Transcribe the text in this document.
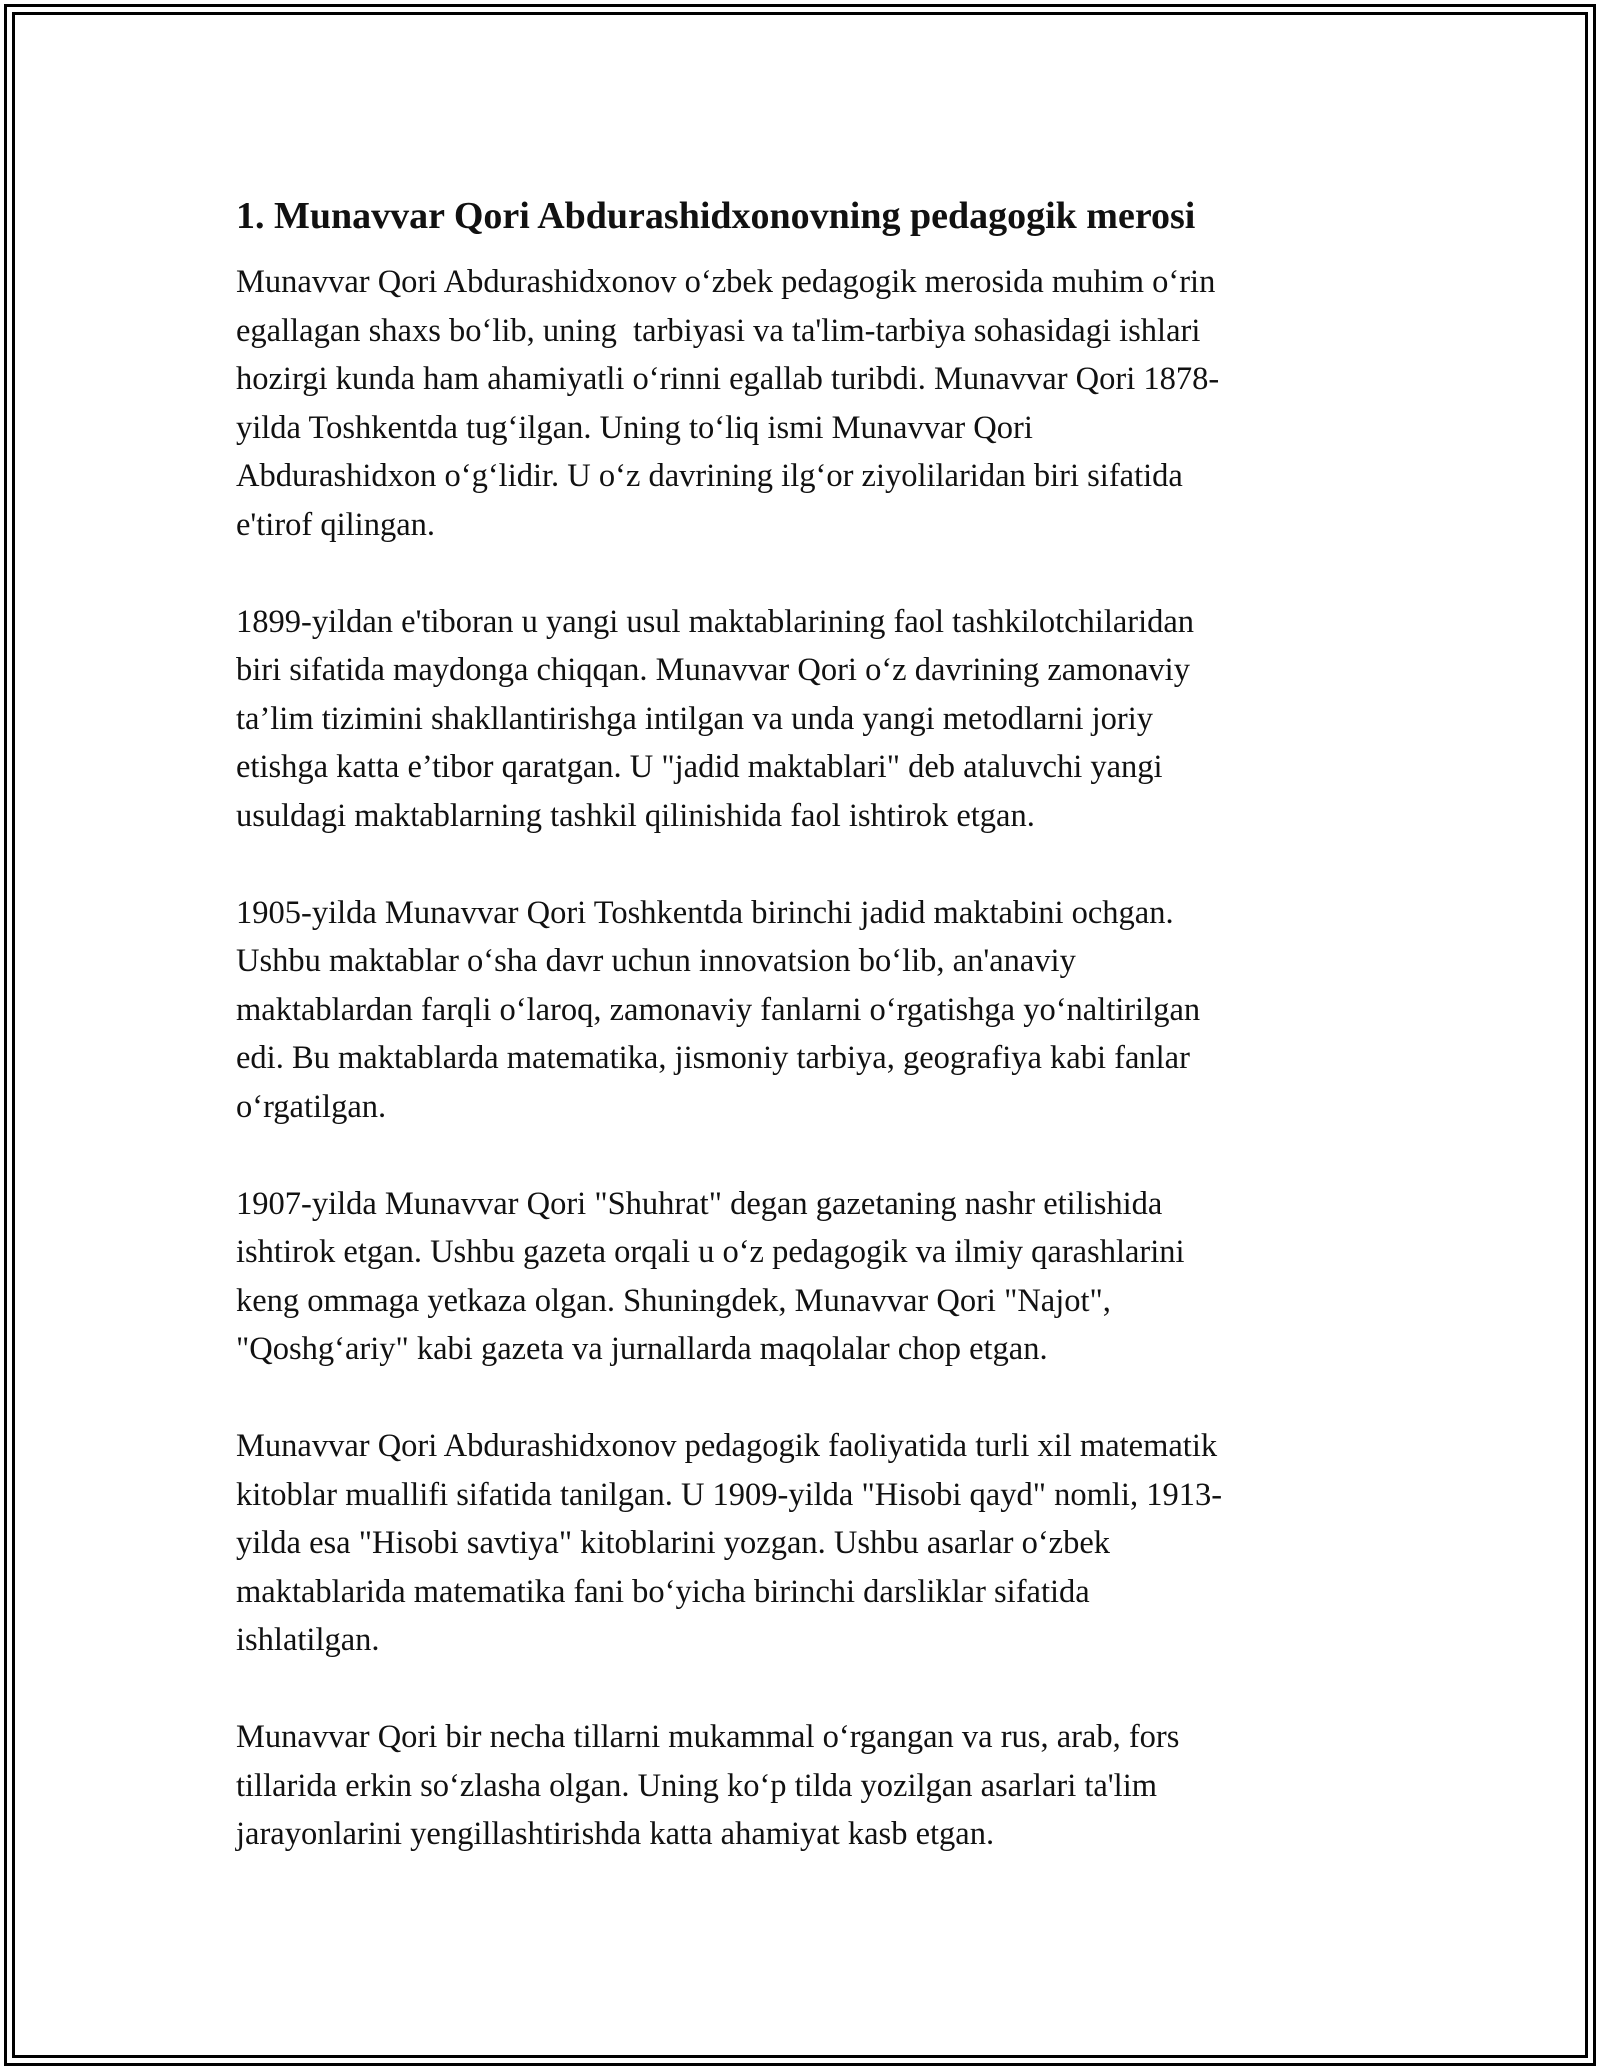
1. Munavvar Qori Abdurashidxonovning pedagogik merosi

Munavvar Qori Abdurashidxonov oʻzbek pedagogik merosida muhim oʻrin
egallagan shaxs boʻlib, uning  tarbiyasi va ta'lim-tarbiya sohasidagi ishlari
hozirgi kunda ham ahamiyatli oʻrinni egallab turibdi. Munavvar Qori 1878-
yilda Toshkentda tugʻilgan. Uning toʻliq ismi Munavvar Qori
Abdurashidxon oʻgʻlidir. U oʻz davrining ilgʻor ziyolilaridan biri sifatida
e'tirof qilingan.

1899-yildan e'tiboran u yangi usul maktablarining faol tashkilotchilaridan
biri sifatida maydonga chiqqan. Munavvar Qori oʻz davrining zamonaviy
ta’lim tizimini shakllantirishga intilgan va unda yangi metodlarni joriy
etishga katta e’tibor qaratgan. U "jadid maktablari" deb ataluvchi yangi
usuldagi maktablarning tashkil qilinishida faol ishtirok etgan.

1905-yilda Munavvar Qori Toshkentda birinchi jadid maktabini ochgan.
Ushbu maktablar oʻsha davr uchun innovatsion boʻlib, an'anaviy
maktablardan farqli oʻlaroq, zamonaviy fanlarni oʻrgatishga yoʻnaltirilgan
edi. Bu maktablarda matematika, jismoniy tarbiya, geografiya kabi fanlar
oʻrgatilgan.

1907-yilda Munavvar Qori "Shuhrat" degan gazetaning nashr etilishida
ishtirok etgan. Ushbu gazeta orqali u oʻz pedagogik va ilmiy qarashlarini
keng ommaga yetkaza olgan. Shuningdek, Munavvar Qori "Najot",
"Qoshgʻariy" kabi gazeta va jurnallarda maqolalar chop etgan.

Munavvar Qori Abdurashidxonov pedagogik faoliyatida turli xil matematik
kitoblar muallifi sifatida tanilgan. U 1909-yilda "Hisobi qayd" nomli, 1913-
yilda esa "Hisobi savtiya" kitoblarini yozgan. Ushbu asarlar oʻzbek
maktablarida matematika fani boʻyicha birinchi darsliklar sifatida
ishlatilgan.

Munavvar Qori bir necha tillarni mukammal oʻrgangan va rus, arab, fors
tillarida erkin soʻzlasha olgan. Uning koʻp tilda yozilgan asarlari ta'lim
jarayonlarini yengillashtirishda katta ahamiyat kasb etgan.
